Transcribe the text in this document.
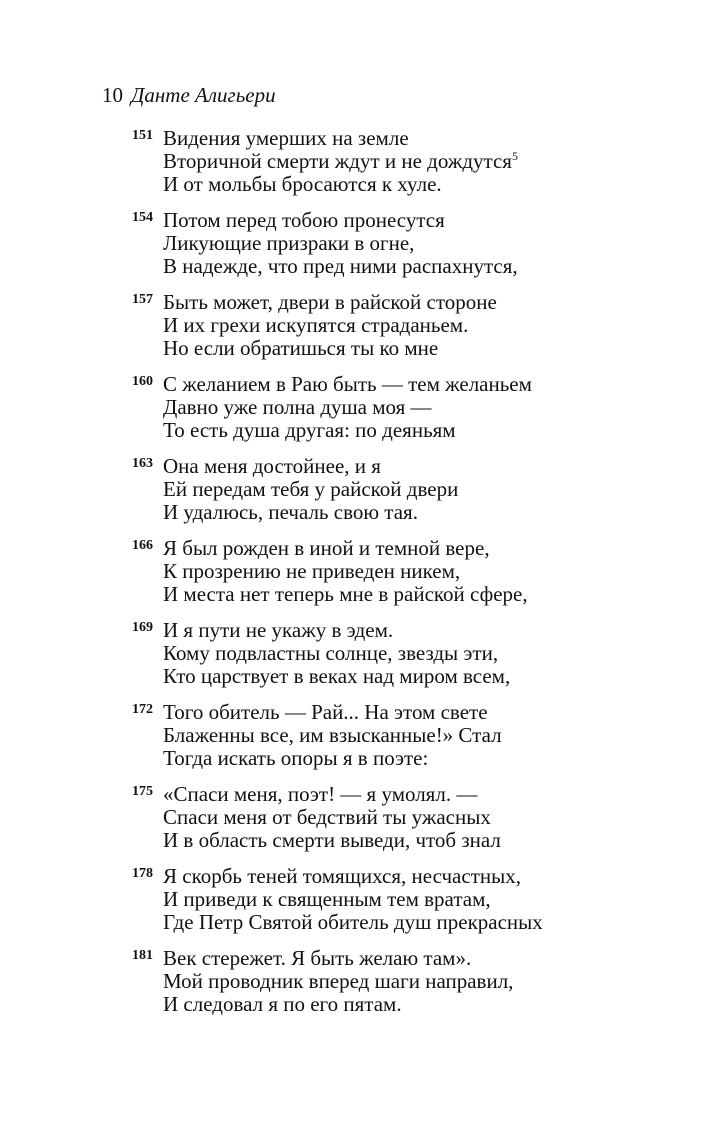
10 Данте Алигьери
151 Видения умерших на земле
Вторичной смерти ждут и не дождутся$^5$
И от мольбы бросаются к хуле.
154 Потом перед тобою пронесутся
Ликующие призраки в огне,
В надежде, что пред ними распахнутся,
157 Быть может, двери в райской стороне
И их грехи искупятся страданьем.
Но если обратишься ты ко мне
160 С желанием в Раю быть — тем желаньем
Давно уже полна душа моя —
То есть душа другая: по деяньям
163 Она меня достойнее, и я
Ей передам тебя у райской двери
И удалюсь, печаль свою тая.
166 Я был рожден в иной и темной вере,
К прозрению не приведен никем,
И места нет теперь мне в райской сфере,
169 И я пути не укажу в эдем.
Кому подвластны солнце, звезды эти,
Кто царствует в веках над миром всем,
172 Того обитель — Рай... На этом свете
Блаженны все, им взысканные!» Стал
Тогда искать опоры я в поэте:
175 «Спаси меня, поэт! — я умолял. —
Спаси меня от бедствий ты ужасных
И в область смерти выведи, чтоб знал
178 Я скорбь теней томящихся, несчастных,
И приведи к священным тем вратам,
Где Петр Святой обитель душ прекрасных
181 Век стережет. Я быть желаю там».
Мой проводник вперед шаги направил,
И следовал я по его пятам.
